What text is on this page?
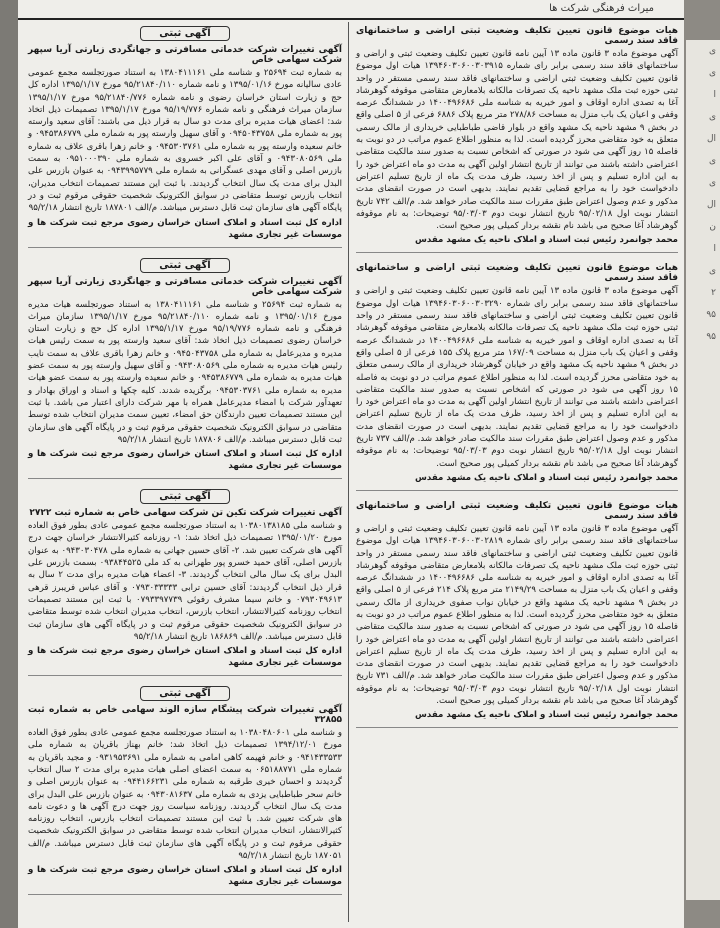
میراث فرهنگی شرکت ها
آگهی ثبتی
آگهی تغییرات شرکت خدماتی مسافرتی و جهانگردی زیارتی آریا سپهر شرکت سهامی خاص
به شماره ثبت ۲۵۶۹۴ و شناسه ملی ۱۳۸۰۴۱۱۱۶۱ به استناد صورتجلسه مجمع عمومی عادی سالیانه مورخ ۱۳۹۵/۰۱/۱۶ و نامه شماره ۹۵/۲۱۸۴۰/۱۱۰ مورخ ۱۳۹۵/۱/۱۷ اداره کل حج و زیارت استان خراسان رضوی و نامه شماره ۹۵/۲۱۸۴۰/۷۷۶ مورخ ۱۳۹۵/۱/۱۷ سازمان میراث فرهنگی و نامه شماره ۹۵/۱۹/۷۷۶ مورخ ۱۳۹۵/۱/۱۷ تصمیمات ذیل اتخاذ شد: اعضای هیات مدیره برای مدت دو سال به قرار ذیل می باشند: آقای سعید وارسته پور به شماره ملی ۰۹۴۵۰۴۳۷۵۸ و آقای سهیل وارسته پور به شماره ملی ۰۹۴۵۳۸۶۷۷۹ و خانم سعیده وارسته پور به شماره ملی ۰۹۴۵۳۰۳۷۶۱ و خانم زهرا باقری علاف به شماره ملی ۰۹۴۳۰۸۰۵۶۹ و آقای علی اکبر خسروی به شماره ملی ۰۹۵۱۰۰۰۳۹۰ به سمت بازرس اصلی و آقای مهدی عسگرانی به شماره ملی ۰۹۴۳۹۹۵۷۷۹ به عنوان بازرس علی البدل برای مدت یک سال انتخاب گردیدند. با ثبت این مستند تصمیمات انتخاب مدیران، انتخاب بازرس توسط متقاضی در سوابق الکترونیک شخصیت حقوقی مرقوم ثبت و در پایگاه آگهی های سازمان ثبت قابل دسترس میباشد. م/الف ۱۸۷۸۰۱ تاریخ انتشار ۹۵/۲/۱۸
اداره کل ثبت اسناد و املاک استان خراسان رضوی مرجع ثبت شرکت ها و موسسات غیر تجاری مشهد
آگهی ثبتی
آگهی تغییرات شرکت خدماتی مسافرتی و جهانگردی زیارتی آریا سپهر شرکت سهامی خاص
به شماره ثبت ۲۵۶۹۴ و شناسه ملی ۱۳۸۰۴۱۱۱۶۱ به استناد صورتجلسه هیات مدیره مورخ ۱۳۹۵/۰۱/۱۶ و نامه شماره ۹۵/۲۱۸۴۰/۱۱۰ مورخ ۱۳۹۵/۱/۱۷ سازمان میراث فرهنگی و نامه شماره ۹۵/۱۹/۷۷۶ مورخ ۱۳۹۵/۱/۱۷ اداره کل حج و زیارت استان خراسان رضوی تصمیمات ذیل اتخاذ شد: آقای سعید وارسته پور به سمت رئیس هیات مدیره و مدیرعامل به شماره ملی ۰۹۴۵۰۴۳۷۵۸ و خانم زهرا باقری علاف به سمت نایب رئیس هیات مدیره به شماره ملی ۰۹۴۳۰۸۰۵۶۹ و آقای سهیل وارسته پور به سمت عضو هیات مدیره به شماره ملی ۰۹۴۵۳۸۶۷۷۹ و خانم سعیده وارسته پور به سمت عضو هیات مدیره به شماره ملی ۰۹۴۵۳۰۳۷۶۱ برگزیده شدند. کلیه چکها و اسناد و اوراق بهادار و تعهدآور شرکت با امضاء مدیرعامل همراه با مهر شرکت دارای اعتبار می باشد. با ثبت این مستند تصمیمات تعیین دارندگان حق امضاء، تعیین سمت مدیران انتخاب شده توسط متقاضی در سوابق الکترونیک شخصیت حقوقی مرقوم ثبت و در پایگاه آگهی های سازمان ثبت قابل دسترس میباشد. م/الف ۱۸۷۸۰۶ تاریخ انتشار ۹۵/۲/۱۸
اداره کل ثبت اسناد و املاک استان خراسان رضوی مرجع ثبت شرکت ها و موسسات غیر تجاری مشهد
آگهی ثبتی
آگهی تغییرات شرکت تکین تن شرکت سهامی خاص به شماره ثبت ۲۷۲۲
و شناسه ملی ۱۰۳۸۰۱۳۸۱۸۵ به استناد صورتجلسه مجمع عمومی عادی بطور فوق العاده مورخ ۱۳۹۵/۰۱/۲۰ تصمیمات ذیل اتخاذ شد: ۱- روزنامه کثیرالانتشار خراسان جهت درج آگهی های شرکت تعیین شد. ۲- آقای حسین جهانی به شماره ملی ۰۹۴۳۰۳۰۴۷۸ به عنوان بازرس اصلی، آقای حمید خسرو پور طهرانی به کد ملی ۰۹۳۸۴۴۵۲۵ بسمت بازرس علی البدل برای یک سال مالی انتخاب گردیدند. ۳- اعضاء هیات مدیره برای مدت ۲ سال به قرار ذیل انتخاب گردیدند: آقای حسین ترابی ۰۷۹۳۰۳۳۳۳۳ و آقای عباس فریبرز قرهی ۰۷۹۳۰۴۹۶۱۳ و خانم سیما مشرف رفوئی ۰۷۹۳۳۹۷۷۳۹ با ثبت این مستند تصمیمات انتخاب روزنامه کثیرالانتشار، انتخاب بازرس، انتخاب مدیران انتخاب شده توسط متقاضی در سوابق الکترونیک شخصیت حقوقی مرقوم ثبت و در پایگاه آگهی های سازمان ثبت قابل دسترس میباشد. م/الف ۱۸۶۸۶۹ تاریخ انتشار ۹۵/۲/۱۸
اداره کل ثبت اسناد و املاک استان خراسان رضوی مرجع ثبت شرکت ها و موسسات غیر تجاری مشهد
آگهی ثبتی
آگهی تغییرات شرکت پیشگام سازه الوند سهامی خاص به شماره ثبت ۳۲۸۵۵
و شناسه ملی ۱۰۳۸۰۴۸۰۶۰۱ به استناد صورتجلسه مجمع عمومی عادی بطور فوق العاده مورخ ۱۳۹۴/۱۲/۰۱ تصمیمات ذیل اتخاذ شد: خانم بهناز باقریان به شماره ملی ۰۹۴۱۴۳۳۵۳۳ و خانم فهیمه کاهی امامی به شماره ملی ۰۹۳۱۹۵۳۶۹۱ و مجید باقریان به شماره ملی ۰۶۵۱۸۸۷۷۱ به سمت اعضای اصلی هیات مدیره برای مدت ۲ سال انتخاب گردیدند و احسان خیری طرقبه به شماره ملی ۰۹۴۴۱۶۶۲۳۱ به عنوان بازرس اصلی و خانم سحر طباطبایی یزدی به شماره ملی ۰۹۴۳۰۸۱۶۳۷ به عنوان بازرس علی البدل برای مدت یک سال انتخاب گردیدند. روزنامه سیاست روز جهت درج آگهی ها و دعوت نامه های شرکت تعیین شد. با ثبت این مستند تصمیمات انتخاب بازرس، انتخاب روزنامه کثیرالانتشار، انتخاب مدیران انتخاب شده توسط متقاضی در سوابق الکترونیک شخصیت حقوقی مرقوم ثبت و در پایگاه آگهی های سازمان ثبت قابل دسترس میباشد. م/الف ۱۸۷۰۵۱ تاریخ انتشار ۹۵/۲/۱۸
اداره کل ثبت اسناد و املاک استان خراسان رضوی مرجع ثبت شرکت ها و موسسات غیر تجاری مشهد
هیات موضوع قانون تعیین تکلیف وضعیت ثبتی اراضی و ساختمانهای فاقد سند رسمی
آگهی موضوع ماده ۳ قانون ماده ۱۳ آیین نامه قانون تعیین تکلیف وضعیت ثبتی و اراضی و ساختمانهای فاقد سند رسمی برابر رای شماره ۱۳۹۴۶۰۳۰۶۰۰۳۰۳۹۱۵ هیات اول موضوع قانون تعیین تکلیف وضعیت ثبتی اراضی و ساختمانهای فاقد سند رسمی مستقر در واحد ثبتی حوزه ثبت ملک مشهد ناحیه یک تصرفات مالکانه بلامعارض متقاضی موقوفه گوهرشاد آغا به تصدی اداره اوقاف و امور خیریه به شناسه ملی ۱۴۰۰۴۹۶۶۸۶ در ششدانگ عرصه وقفی و اعیان یک باب منزل به مساحت ۲۷۸/۸۶ متر مربع پلاک ۶۸۸۶ فرعی از ۵ اصلی واقع در بخش ۹ مشهد ناحیه یک مشهد واقع در بلوار قاضی طباطبایی خریداری از مالک رسمی متعلق به خود متقاضی محرز گردیده است. لذا به منظور اطلاع عموم مراتب در دو نوبت به فاصله ۱۵ روز آگهی می شود در صورتی که اشخاص نسبت به صدور سند مالکیت متقاضی اعتراضی داشته باشند می توانند از تاریخ انتشار اولین آگهی به مدت دو ماه اعتراض خود را به این اداره تسلیم و پس از اخذ رسید، ظرف مدت یک ماه از تاریخ تسلیم اعتراض دادخواست خود را به مراجع قضایی تقدیم نمایند. بدیهی است در صورت انقضای مدت مذکور و عدم وصول اعتراض طبق مقررات سند مالکیت صادر خواهد شد. م/الف ۷۴۲ تاریخ انتشار نوبت اول ۹۵/۰۲/۱۸ تاریخ انتشار نوبت دوم ۹۵/۰۳/۰۳ توضیحات: به نام موقوفه گوهرشاد آغا صحیح می باشد نام نقشه بردار کمیلی پور صحیح است.
محمد جوانمرد رئیس ثبت اسناد و املاک ناحیه یک مشهد مقدس
هیات موضوع قانون تعیین تکلیف وضعیت ثبتی اراضی و ساختمانهای فاقد سند رسمی
آگهی موضوع ماده ۳ قانون ماده ۱۳ آیین نامه قانون تعیین تکلیف وضعیت ثبتی و اراضی و ساختمانهای فاقد سند رسمی برابر رای شماره ۱۳۹۴۶۰۳۰۶۰۰۳۰۳۲۹۰ هیات اول موضوع قانون تعیین تکلیف وضعیت ثبتی اراضی و ساختمانهای فاقد سند رسمی مستقر در واحد ثبتی حوزه ثبت ملک مشهد ناحیه یک تصرفات مالکانه بلامعارض متقاضی موقوفه گوهرشاد آغا به تصدی اداره اوقاف و امور خیریه به شناسه ملی ۱۴۰۰۴۹۶۶۸۶ در ششدانگ عرصه وقفی و اعیان یک باب منزل به مساحت ۱۶۷/۰۹ متر مربع پلاک ۱۵۵ فرعی از ۵ اصلی واقع در بخش ۹ مشهد ناحیه یک مشهد واقع در خیابان گوهرشاد خریداری از مالک رسمی متعلق به خود متقاضی محرز گردیده است. لذا به منظور اطلاع عموم مراتب در دو نوبت به فاصله ۱۵ روز آگهی می شود در صورتی که اشخاص نسبت به صدور سند مالکیت متقاضی اعتراضی داشته باشند می توانند از تاریخ انتشار اولین آگهی به مدت دو ماه اعتراض خود را به این اداره تسلیم و پس از اخذ رسید، ظرف مدت یک ماه از تاریخ تسلیم اعتراض دادخواست خود را به مراجع قضایی تقدیم نمایند. بدیهی است در صورت انقضای مدت مذکور و عدم وصول اعتراض طبق مقررات سند مالکیت صادر خواهد شد. م/الف ۷۳۷ تاریخ انتشار نوبت اول ۹۵/۰۲/۱۸ تاریخ انتشار نوبت دوم ۹۵/۰۳/۰۳ توضیحات: به نام موقوفه گوهرشاد آغا صحیح می باشد نام نقشه بردار کمیلی پور صحیح است.
محمد جوانمرد رئیس ثبت اسناد و املاک ناحیه یک مشهد مقدس
هیات موضوع قانون تعیین تکلیف وضعیت ثبتی اراضی و ساختمانهای فاقد سند رسمی
آگهی موضوع ماده ۳ قانون ماده ۱۳ آیین نامه قانون تعیین تکلیف وضعیت ثبتی و اراضی و ساختمانهای فاقد سند رسمی برابر رای شماره ۱۳۹۴۶۰۳۰۶۰۰۳۰۲۸۱۹ هیات اول موضوع قانون تعیین تکلیف وضعیت ثبتی اراضی و ساختمانهای فاقد سند رسمی مستقر در واحد ثبتی حوزه ثبت ملک مشهد ناحیه یک تصرفات مالکانه بلامعارض متقاضی موقوفه گوهرشاد آغا به تصدی اداره اوقاف و امور خیریه به شناسه ملی ۱۴۰۰۴۹۶۶۸۶ در ششدانگ عرصه وقفی و اعیان یک باب منزل به مساحت ۲۱۴۹/۲۹ متر مربع پلاک ۲۱۴ فرعی از ۵ اصلی واقع در بخش ۹ مشهد ناحیه یک مشهد واقع در خیابان نواب صفوی خریداری از مالک رسمی متعلق به خود متقاضی محرز گردیده است. لذا به منظور اطلاع عموم مراتب در دو نوبت به فاصله ۱۵ روز آگهی می شود در صورتی که اشخاص نسبت به صدور سند مالکیت متقاضی اعتراضی داشته باشند می توانند از تاریخ انتشار اولین آگهی به مدت دو ماه اعتراض خود را به این اداره تسلیم و پس از اخذ رسید، ظرف مدت یک ماه از تاریخ تسلیم اعتراض دادخواست خود را به مراجع قضایی تقدیم نمایند. بدیهی است در صورت انقضای مدت مذکور و عدم وصول اعتراض طبق مقررات سند مالکیت صادر خواهد شد. م/الف ۷۳۱ تاریخ انتشار نوبت اول ۹۵/۰۲/۱۸ تاریخ انتشار نوبت دوم ۹۵/۰۳/۰۳ توضیحات: به نام موقوفه گوهرشاد آغا صحیح می باشد نام نقشه بردار کمیلی پور صحیح است.
محمد جوانمرد رئیس ثبت اسناد و املاک ناحیه یک مشهد مقدس
ی
ی
ا
ی
ال
ی
ی
ال
ن
ا
ی
۲
۹۵
۹۵
